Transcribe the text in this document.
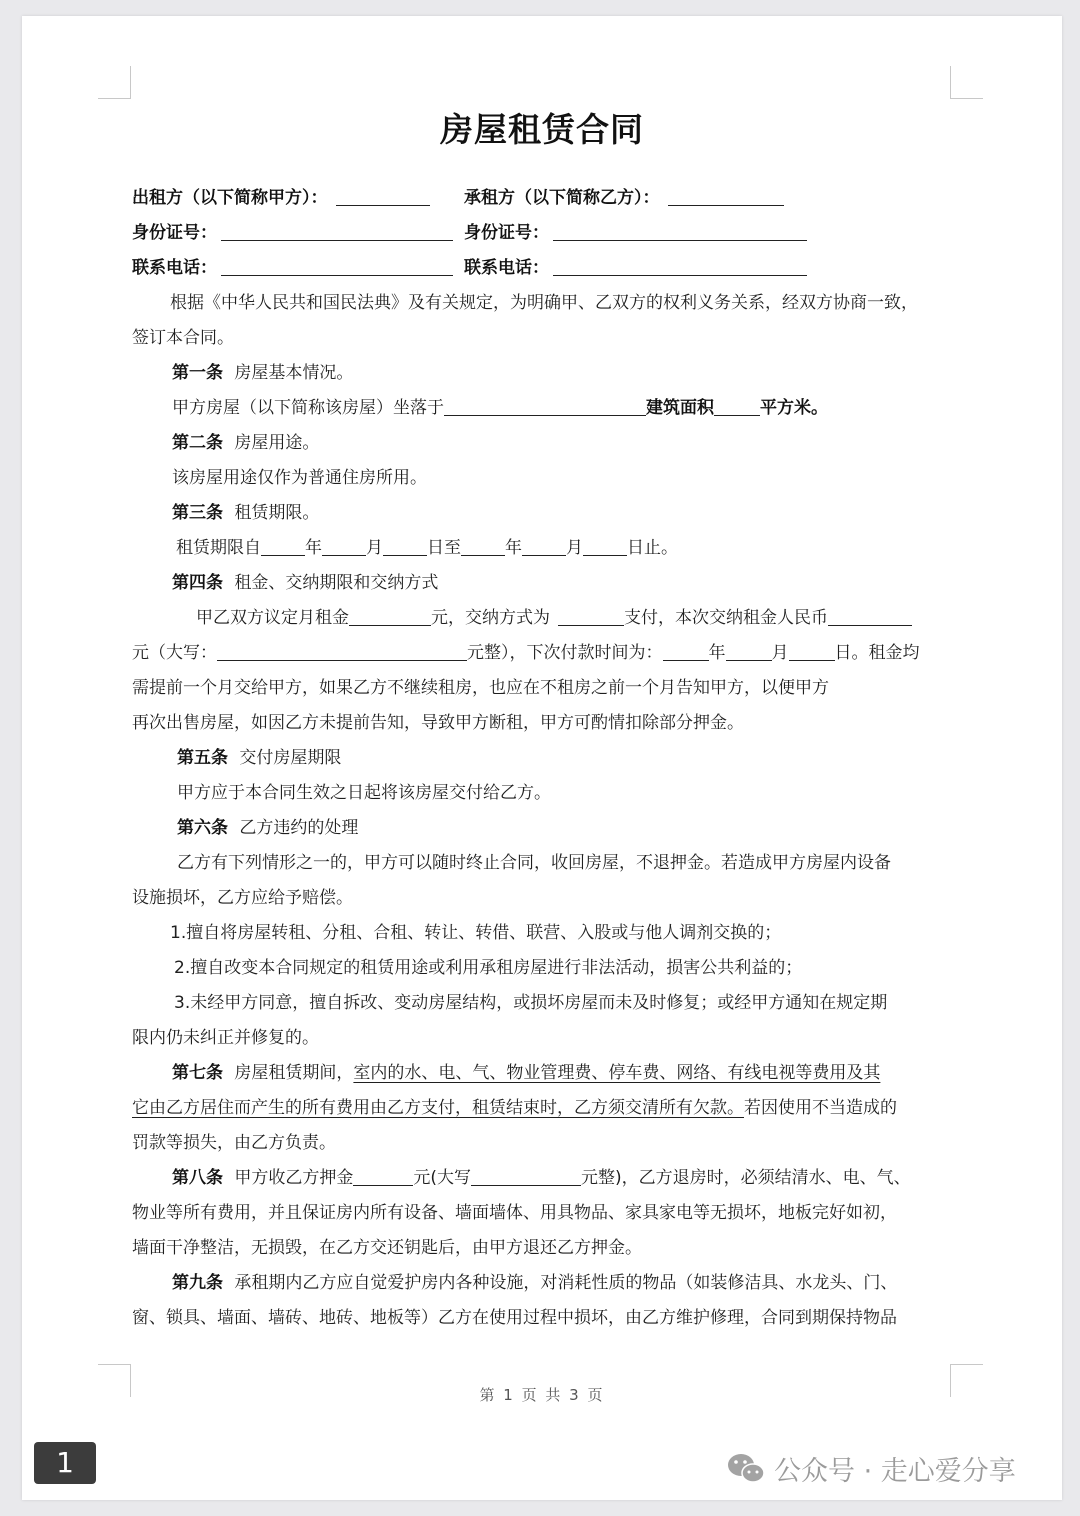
房屋租赁合同
出租方（以下简称甲方）：	承租方（以下简称乙方）：
身份证号：	身份证号：
联系电话：	联系电话：
根据《中华人民共和国民法典》及有关规定，为明确甲、乙双方的权利义务关系，经双方协商一致，
签订本合同。
第一条 房屋基本情况。
甲方房屋（以下简称该房屋）坐落于	建筑面积	平方米。
第二条 房屋用途。
该房屋用途仅作为普通住房所用。
第三条 租赁期限。
租赁期限自	年	月	日至	年	月	日止。
第四条 租金、交纳期限和交纳方式
甲乙双方议定月租金	元，交纳方式为	支付，本次交纳租金人民币
元（大写：	元整），下次付款时间为：	年	月	日。租金均
需提前一个月交给甲方，如果乙方不继续租房，也应在不租房之前一个月告知甲方，以便甲方
再次出售房屋，如因乙方未提前告知，导致甲方断租，甲方可酌情扣除部分押金。
第五条 交付房屋期限
甲方应于本合同生效之日起将该房屋交付给乙方。
第六条 乙方违约的处理
乙方有下列情形之一的，甲方可以随时终止合同，收回房屋，不退押金。若造成甲方房屋内设备
设施损坏，乙方应给予赔偿。
1.擅自将房屋转租、分租、合租、转让、转借、联营、入股或与他人调剂交换的；
2.擅自改变本合同规定的租赁用途或利用承租房屋进行非法活动，损害公共利益的；
3.未经甲方同意，擅自拆改、变动房屋结构，或损坏房屋而未及时修复；或经甲方通知在规定期
限内仍未纠正并修复的。
第七条 房屋租赁期间，室内的水、电、气、物业管理费、停车费、网络、有线电视等费用及其
它由乙方居住而产生的所有费用由乙方支付，租赁结束时，乙方须交清所有欠款。若因使用不当造成的
罚款等损失，由乙方负责。
第八条 甲方收乙方押金	元(大写	元整)，乙方退房时，必须结清水、电、气、
物业等所有费用，并且保证房内所有设备、墙面墙体、用具物品、家具家电等无损坏，地板完好如初，
墙面干净整洁，无损毁，在乙方交还钥匙后，由甲方退还乙方押金。
第九条 承租期内乙方应自觉爱护房内各种设施，对消耗性质的物品（如装修洁具、水龙头、门、
窗、锁具、墙面、墙砖、地砖、地板等）乙方在使用过程中损坏，由乙方维护修理，合同到期保持物品
第 1 页 共 3 页
1	公众号 · 走心爱分享
